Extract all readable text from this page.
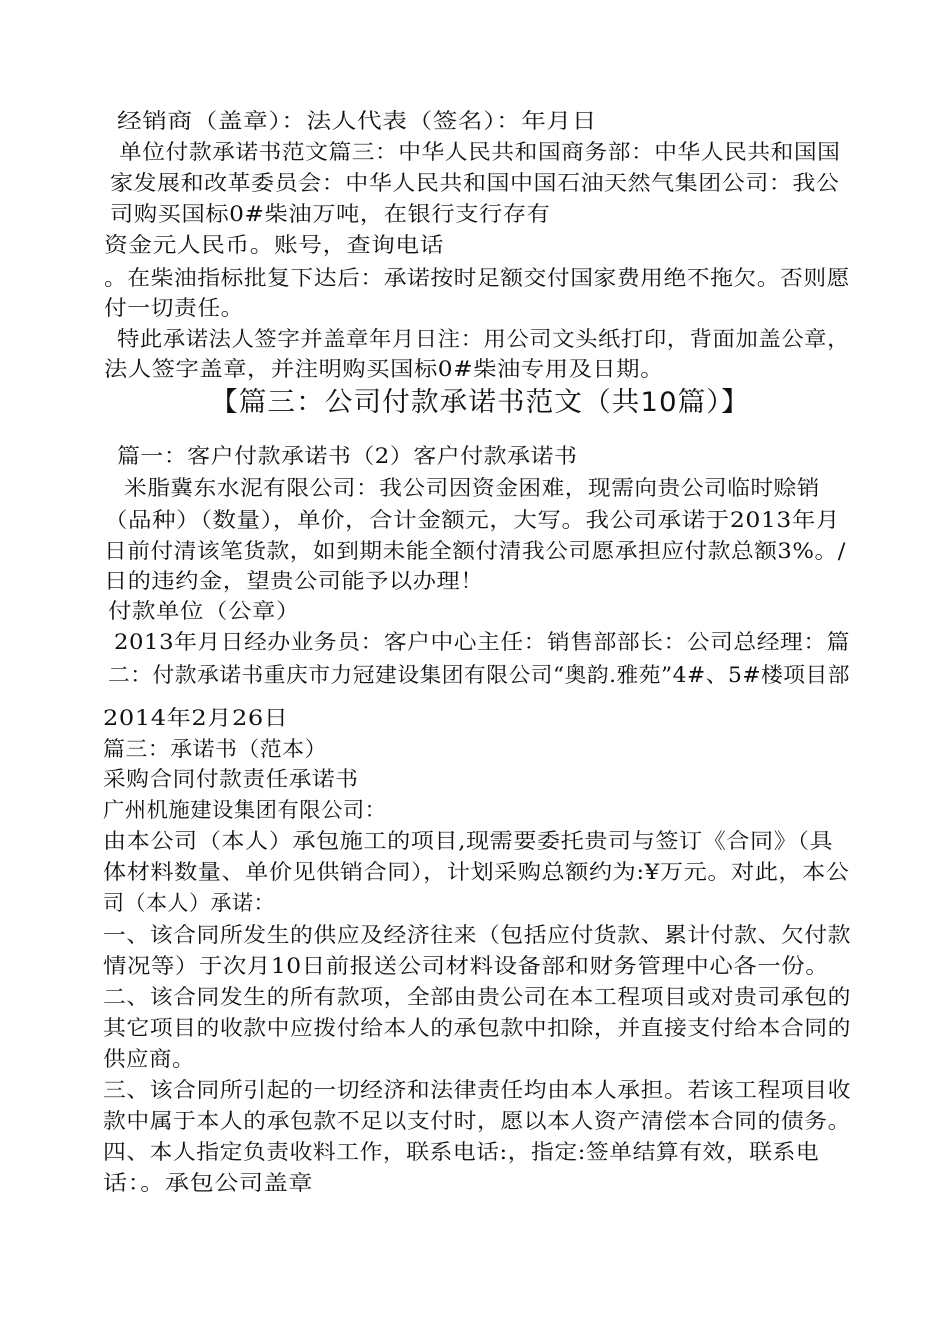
经销商（盖章）：法人代表（签名）：年月日
单位付款承诺书范文篇三：中华人民共和国商务部：中华人民共和国国
家发展和改革委员会：中华人民共和国中国石油天然气集团公司：我公
司购买国标0#柴油万吨，在银行支行存有
资金元人民币。账号，查询电话
。在柴油指标批复下达后：承诺按时足额交付国家费用绝不拖欠。否则愿
付一切责任。
特此承诺法人签字并盖章年月日注：用公司文头纸打印，背面加盖公章，
法人签字盖章，并注明购买国标0#柴油专用及日期。
【篇三：公司付款承诺书范文（共10篇）】
篇一：客户付款承诺书（2）客户付款承诺书
米脂冀东水泥有限公司：我公司因资金困难，现需向贵公司临时赊销
（品种）（数量），单价，合计金额元，大写。我公司承诺于2013年月
日前付清该笔货款，如到期未能全额付清我公司愿承担应付款总额3%。/
日的违约金，望贵公司能予以办理！
付款单位（公章）
2013年月日经办业务员：客户中心主任：销售部部长：公司总经理：篇
二：付款承诺书重庆市力冠建设集团有限公司“奥韵.雅苑”4#、5#楼项目部
2014年2月26日
篇三：承诺书（范本）
采购合同付款责任承诺书
广州机施建设集团有限公司：
由本公司（本人）承包施工的项目,现需要委托贵司与签订《合同》（具
体材料数量、单价见供销合同），计划采购总额约为:¥万元。对此，本公
司（本人）承诺：
一、该合同所发生的供应及经济往来（包括应付货款、累计付款、欠付款
情况等）于次月10日前报送公司材料设备部和财务管理中心各一份。
二、该合同发生的所有款项，全部由贵公司在本工程项目或对贵司承包的
其它项目的收款中应拨付给本人的承包款中扣除，并直接支付给本合同的
供应商。
三、该合同所引起的一切经济和法律责任均由本人承担。若该工程项目收
款中属于本人的承包款不足以支付时，愿以本人资产清偿本合同的债务。
四、本人指定负责收料工作，联系电话:，指定:签单结算有效，联系电
话：。承包公司盖章
